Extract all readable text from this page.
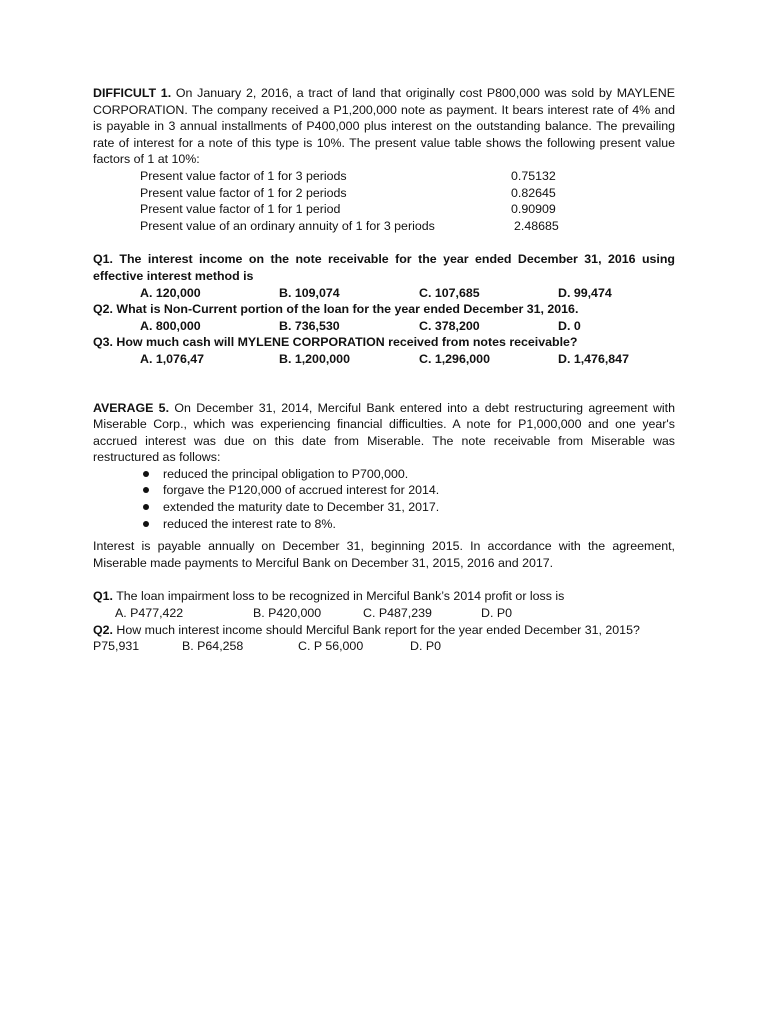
DIFFICULT 1. On January 2, 2016, a tract of land that originally cost P800,000 was sold by MAYLENE CORPORATION. The company received a P1,200,000 note as payment. It bears interest rate of 4% and is payable in 3 annual installments of P400,000 plus interest on the outstanding balance. The prevailing rate of interest for a note of this type is 10%. The present value table shows the following present value factors of 1 at 10%:

Present value factor of 1 for 3 periods	0.75132
Present value factor of 1 for 2 periods	0.82645
Present value factor of 1 for 1 period	0.90909
Present value of an ordinary annuity of 1 for 3 periods	2.48685

Q1. The interest income on the note receivable for the year ended December 31, 2016 using effective interest method is

A. 120,000	B. 109,074	C. 107,685	D. 99,474

Q2. What is Non-Current portion of the loan for the year ended December 31, 2016.

A. 800,000	B. 736,530	C. 378,200	D. 0

Q3. How much cash will MYLENE CORPORATION received from notes receivable?

A. 1,076,47	B. 1,200,000	C. 1,296,000	D. 1,476,847

AVERAGE 5. On December 31, 2014, Merciful Bank entered into a debt restructuring agreement with Miserable Corp., which was experiencing financial difficulties. A note for P1,000,000 and one year's accrued interest was due on this date from Miserable. The note receivable from Miserable was restructured as follows:

reduced the principal obligation to P700,000.
forgave the P120,000 of accrued interest for 2014.
extended the maturity date to December 31, 2017.
reduced the interest rate to 8%.

Interest is payable annually on December 31, beginning 2015. In accordance with the agreement, Miserable made payments to Merciful Bank on December 31, 2015, 2016 and 2017.

Q1. The loan impairment loss to be recognized in Merciful Bank’s 2014 profit or loss is

A. P477,422	B. P420,000	C. P487,239	D. P0

Q2. How much interest income should Merciful Bank report for the year ended December 31, 2015?

P75,931	B. P64,258	C. P 56,000	D. P0
